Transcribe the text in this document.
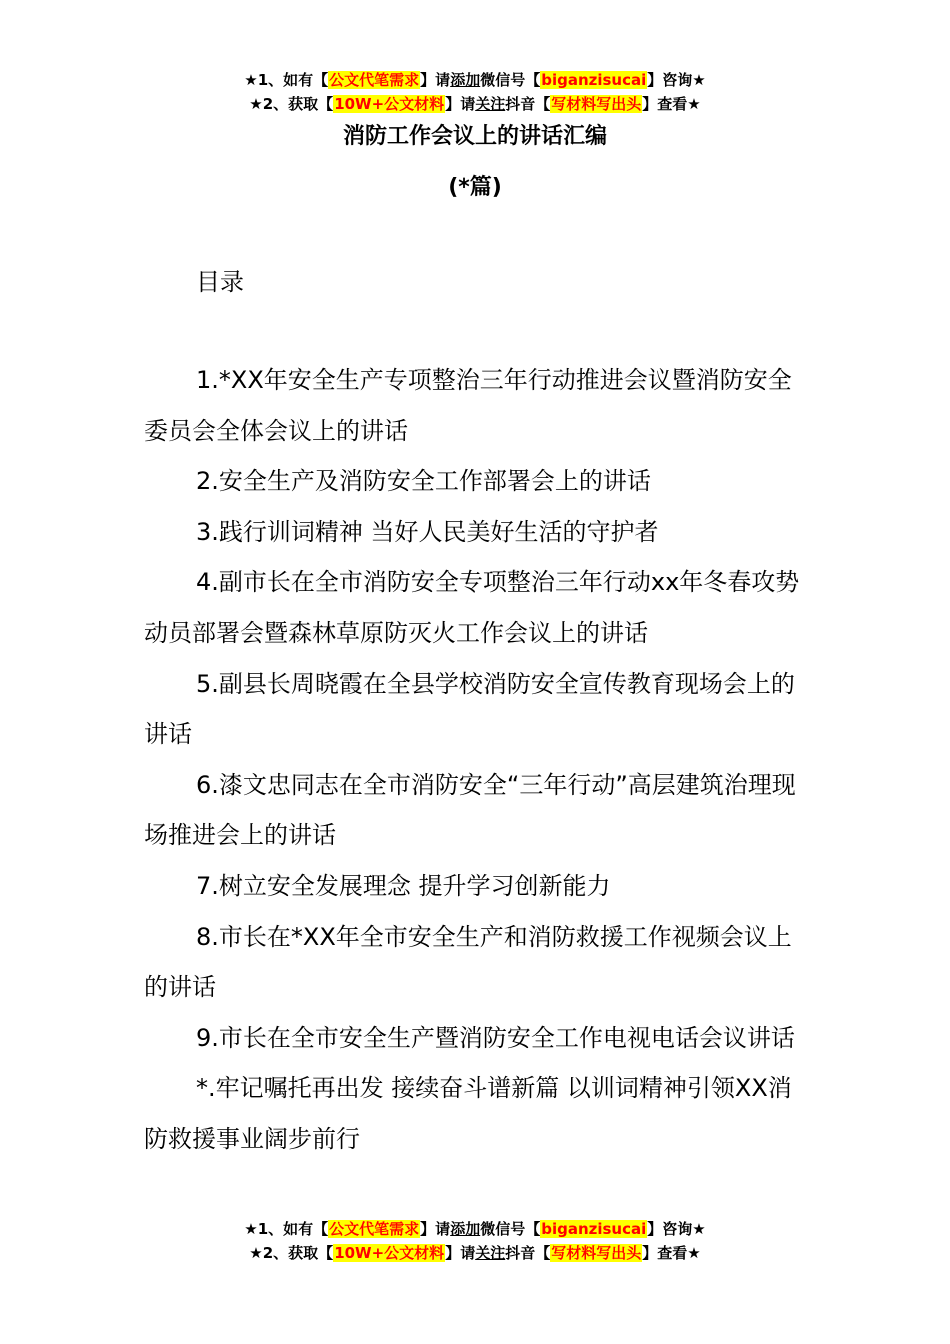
★1、如有【公文代笔需求】请添加微信号【biganzisucai】咨询★
★2、获取【10W+公文材料】请关注抖音【写材料写出头】查看★
消防工作会议上的讲话汇编
(*篇)
目录
1.*XX年安全生产专项整治三年行动推进会议暨消防安全委员会全体会议上的讲话
2.安全生产及消防安全工作部署会上的讲话
3.践行训词精神 当好人民美好生活的守护者
4.副市长在全市消防安全专项整治三年行动xx年冬春攻势动员部署会暨森林草原防灭火工作会议上的讲话
5.副县长周晓霞在全县学校消防安全宣传教育现场会上的讲话
6.漆文忠同志在全市消防安全“三年行动”高层建筑治理现场推进会上的讲话
7.树立安全发展理念 提升学习创新能力
8.市长在*XX年全市安全生产和消防救援工作视频会议上的讲话
9.市长在全市安全生产暨消防安全工作电视电话会议讲话
*.牢记嘱托再出发 接续奋斗谱新篇 以训词精神引领XX消防救援事业阔步前行
★1、如有【公文代笔需求】请添加微信号【biganzisucai】咨询★
★2、获取【10W+公文材料】请关注抖音【写材料写出头】查看★
